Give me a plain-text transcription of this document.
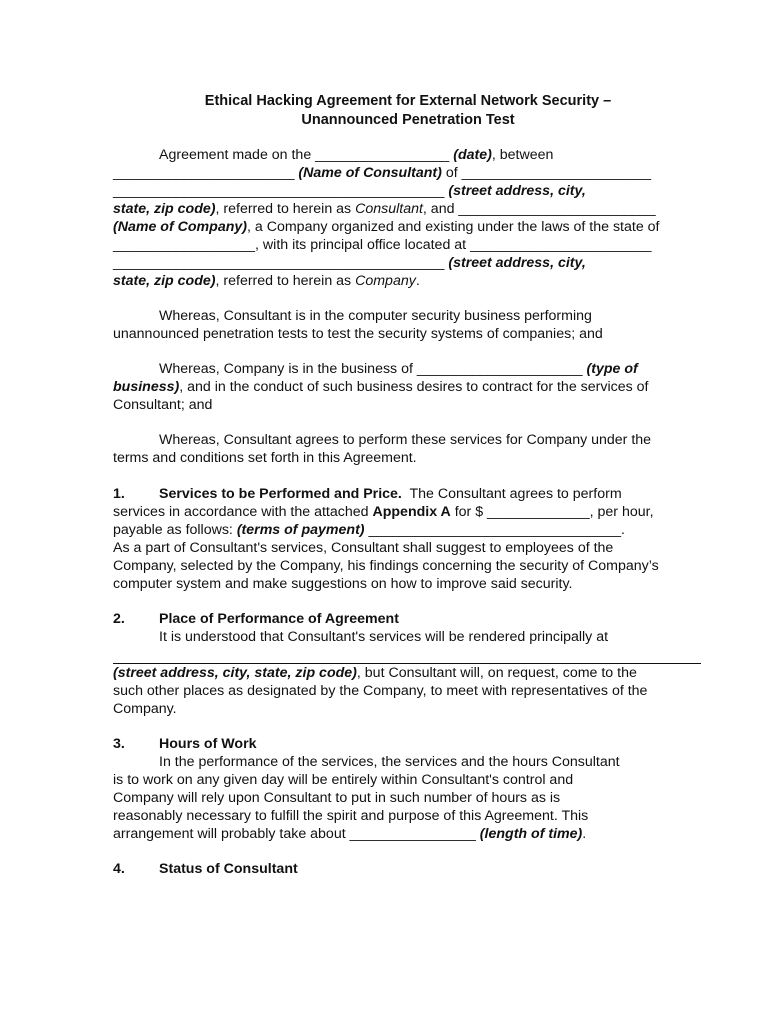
Ethical Hacking Agreement for External Network Security –
Unannounced Penetration Test
Agreement made on the _________________ (date), between
_______________________ (Name of Consultant) of ________________________
__________________________________________ (street address, city,
state, zip code), referred to herein as Consultant, and _________________________
(Name of Company), a Company organized and existing under the laws of the state of
__________________, with its principal office located at _______________________
__________________________________________ (street address, city,
state, zip code), referred to herein as Company.
Whereas, Consultant is in the computer security business performing
unannounced penetration tests to test the security systems of companies; and
Whereas, Company is in the business of _____________________ (type of
business), and in the conduct of such business desires to contract for the services of
Consultant; and
Whereas, Consultant agrees to perform these services for Company under the
terms and conditions set forth in this Agreement.
1. Services to be Performed and Price.  The Consultant agrees to perform
services in accordance with the attached Appendix A for $ _____________, per hour,
payable as follows: (terms of payment) ________________________________.
As a part of Consultant's services, Consultant shall suggest to employees of the
Company, selected by the Company, his findings concerning the security of Company’s
computer system and make suggestions on how to improve said security.
2. Place of Performance of Agreement
It is understood that Consultant's services will be rendered principally at
(street address, city, state, zip code), but Consultant will, on request, come to the
such other places as designated by the Company, to meet with representatives of the
Company.
3. Hours of Work
In the performance of the services, the services and the hours Consultant
is to work on any given day will be entirely within Consultant's control and
Company will rely upon Consultant to put in such number of hours as is
reasonably necessary to fulfill the spirit and purpose of this Agreement. This
arrangement will probably take about ________________ (length of time).
4. Status of Consultant
